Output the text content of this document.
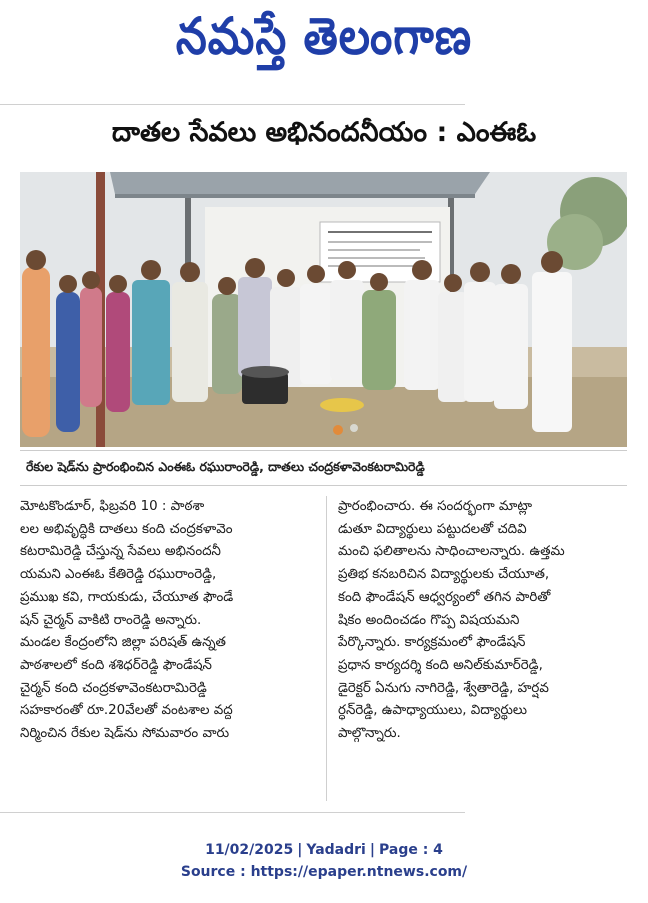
నమస్తే తెలంగాణ
దాతల సేవలు అభినందనీయం : ఎంఈఓ
రేకుల షెడ్‌ను ప్రారంభించిన ఎంఈఓ రఘురాంరెడ్డి, దాతలు చంద్రకళావెంకటరామిరెడ్డి
మోటకొండూర్, ఫిబ్రవరి 10 : పాఠశా
లల అభివృద్ధికి దాతలు కంది చంద్రకళావెం
కటరామిరెడ్డి చేస్తున్న సేవలు అభినందనీ
యమని ఎంఈఓ కేతిరెడ్డి రఘురాంరెడ్డి,
ప్రముఖ కవి, గాయకుడు, చేయూత ఫౌండే
షన్ చైర్మన్ వాకిటి రాంరెడ్డి అన్నారు.
మండల కేంద్రంలోని జిల్లా పరిషత్ ఉన్నత
పాఠశాలలో కంది శశిధర్‌రెడ్డి ఫౌండేషన్
చైర్మన్ కంది చంద్రకళావెంకటరామిరెడ్డి
సహకారంతో రూ.20వేలతో వంటశాల వద్ద
నిర్మించిన రేకుల షెడ్‌ను సోమవారం వారు
ప్రారంభించారు. ఈ సందర్భంగా మాట్లా
డుతూ విద్యార్థులు పట్టుదలతో చదివి
మంచి ఫలితాలను సాధించాలన్నారు. ఉత్తమ
ప్రతిభ కనబరిచిన విద్యార్థులకు చేయూత,
కంది ఫౌండేషన్ ఆధ్వర్యంలో తగిన పారితో
షికం అందించడం గొప్ప విషయమని
పేర్కొన్నారు. కార్యక్రమంలో ఫౌండేషన్
ప్రధాన కార్యదర్శి కంది అనిల్‌కుమార్‌రెడ్డి,
డైరెక్టర్ ఏనుగు నాగిరెడ్డి, శ్వేతారెడ్డి, హర్షవ
ర్ధన్‌రెడ్డి, ఉపాధ్యాయులు, విద్యార్థులు
పాల్గొన్నారు.
11/02/2025 | Yadadri | Page : 4
Source : https://epaper.ntnews.com/
